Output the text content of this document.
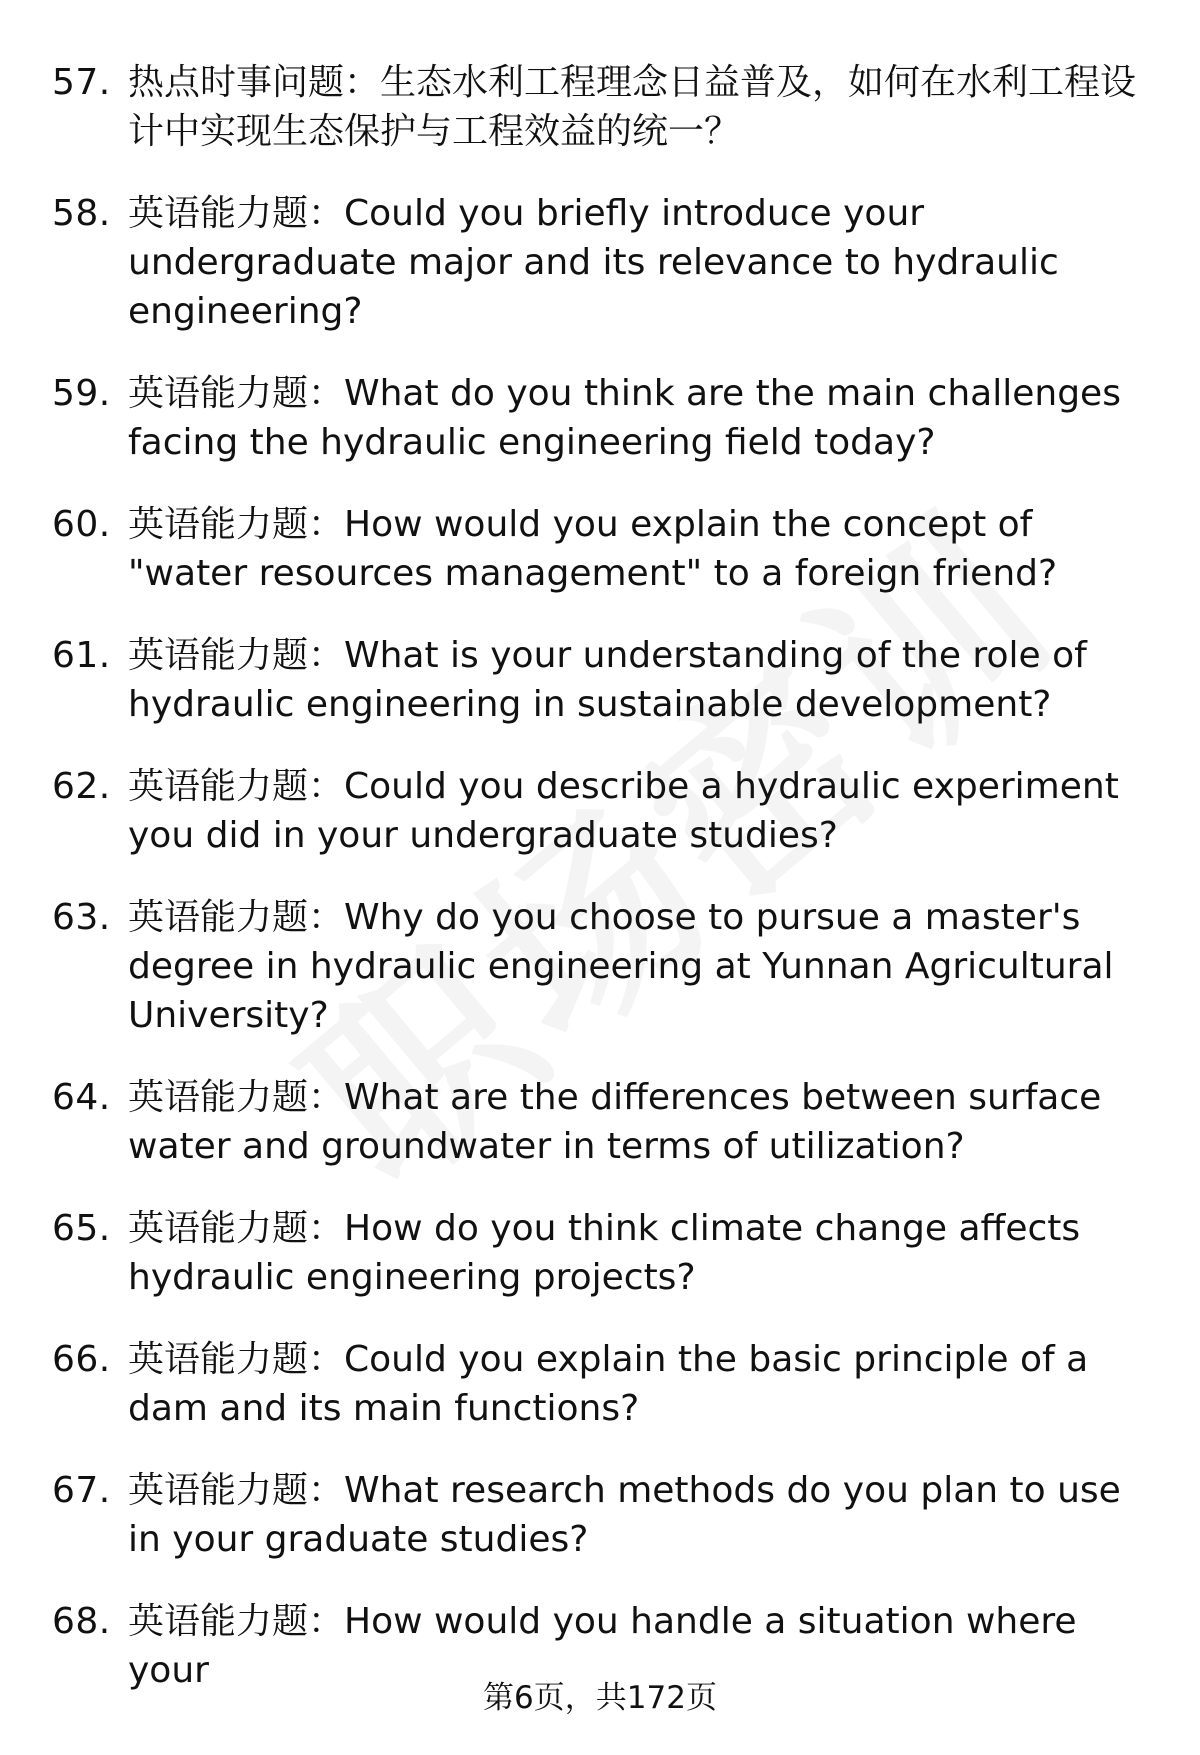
57. 热点时事问题：生态水利工程理念日益普及，如何在水利工程设计中实现生态保护与工程效益的统一？
58. 英语能力题：Could you briefly introduce your undergraduate major and its relevance to hydraulic engineering?
59. 英语能力题：What do you think are the main challenges facing the hydraulic engineering field today?
60. 英语能力题：How would you explain the concept of "water resources management" to a foreign friend?
61. 英语能力题：What is your understanding of the role of hydraulic engineering in sustainable development?
62. 英语能力题：Could you describe a hydraulic experiment you did in your undergraduate studies?
63. 英语能力题：Why do you choose to pursue a master's degree in hydraulic engineering at Yunnan Agricultural University?
64. 英语能力题：What are the differences between surface water and groundwater in terms of utilization?
65. 英语能力题：How do you think climate change affects hydraulic engineering projects?
66. 英语能力题：Could you explain the basic principle of a dam and its main functions?
67. 英语能力题：What research methods do you plan to use in your graduate studies?
68. 英语能力题：How would you handle a situation where your
第6页，共172页
